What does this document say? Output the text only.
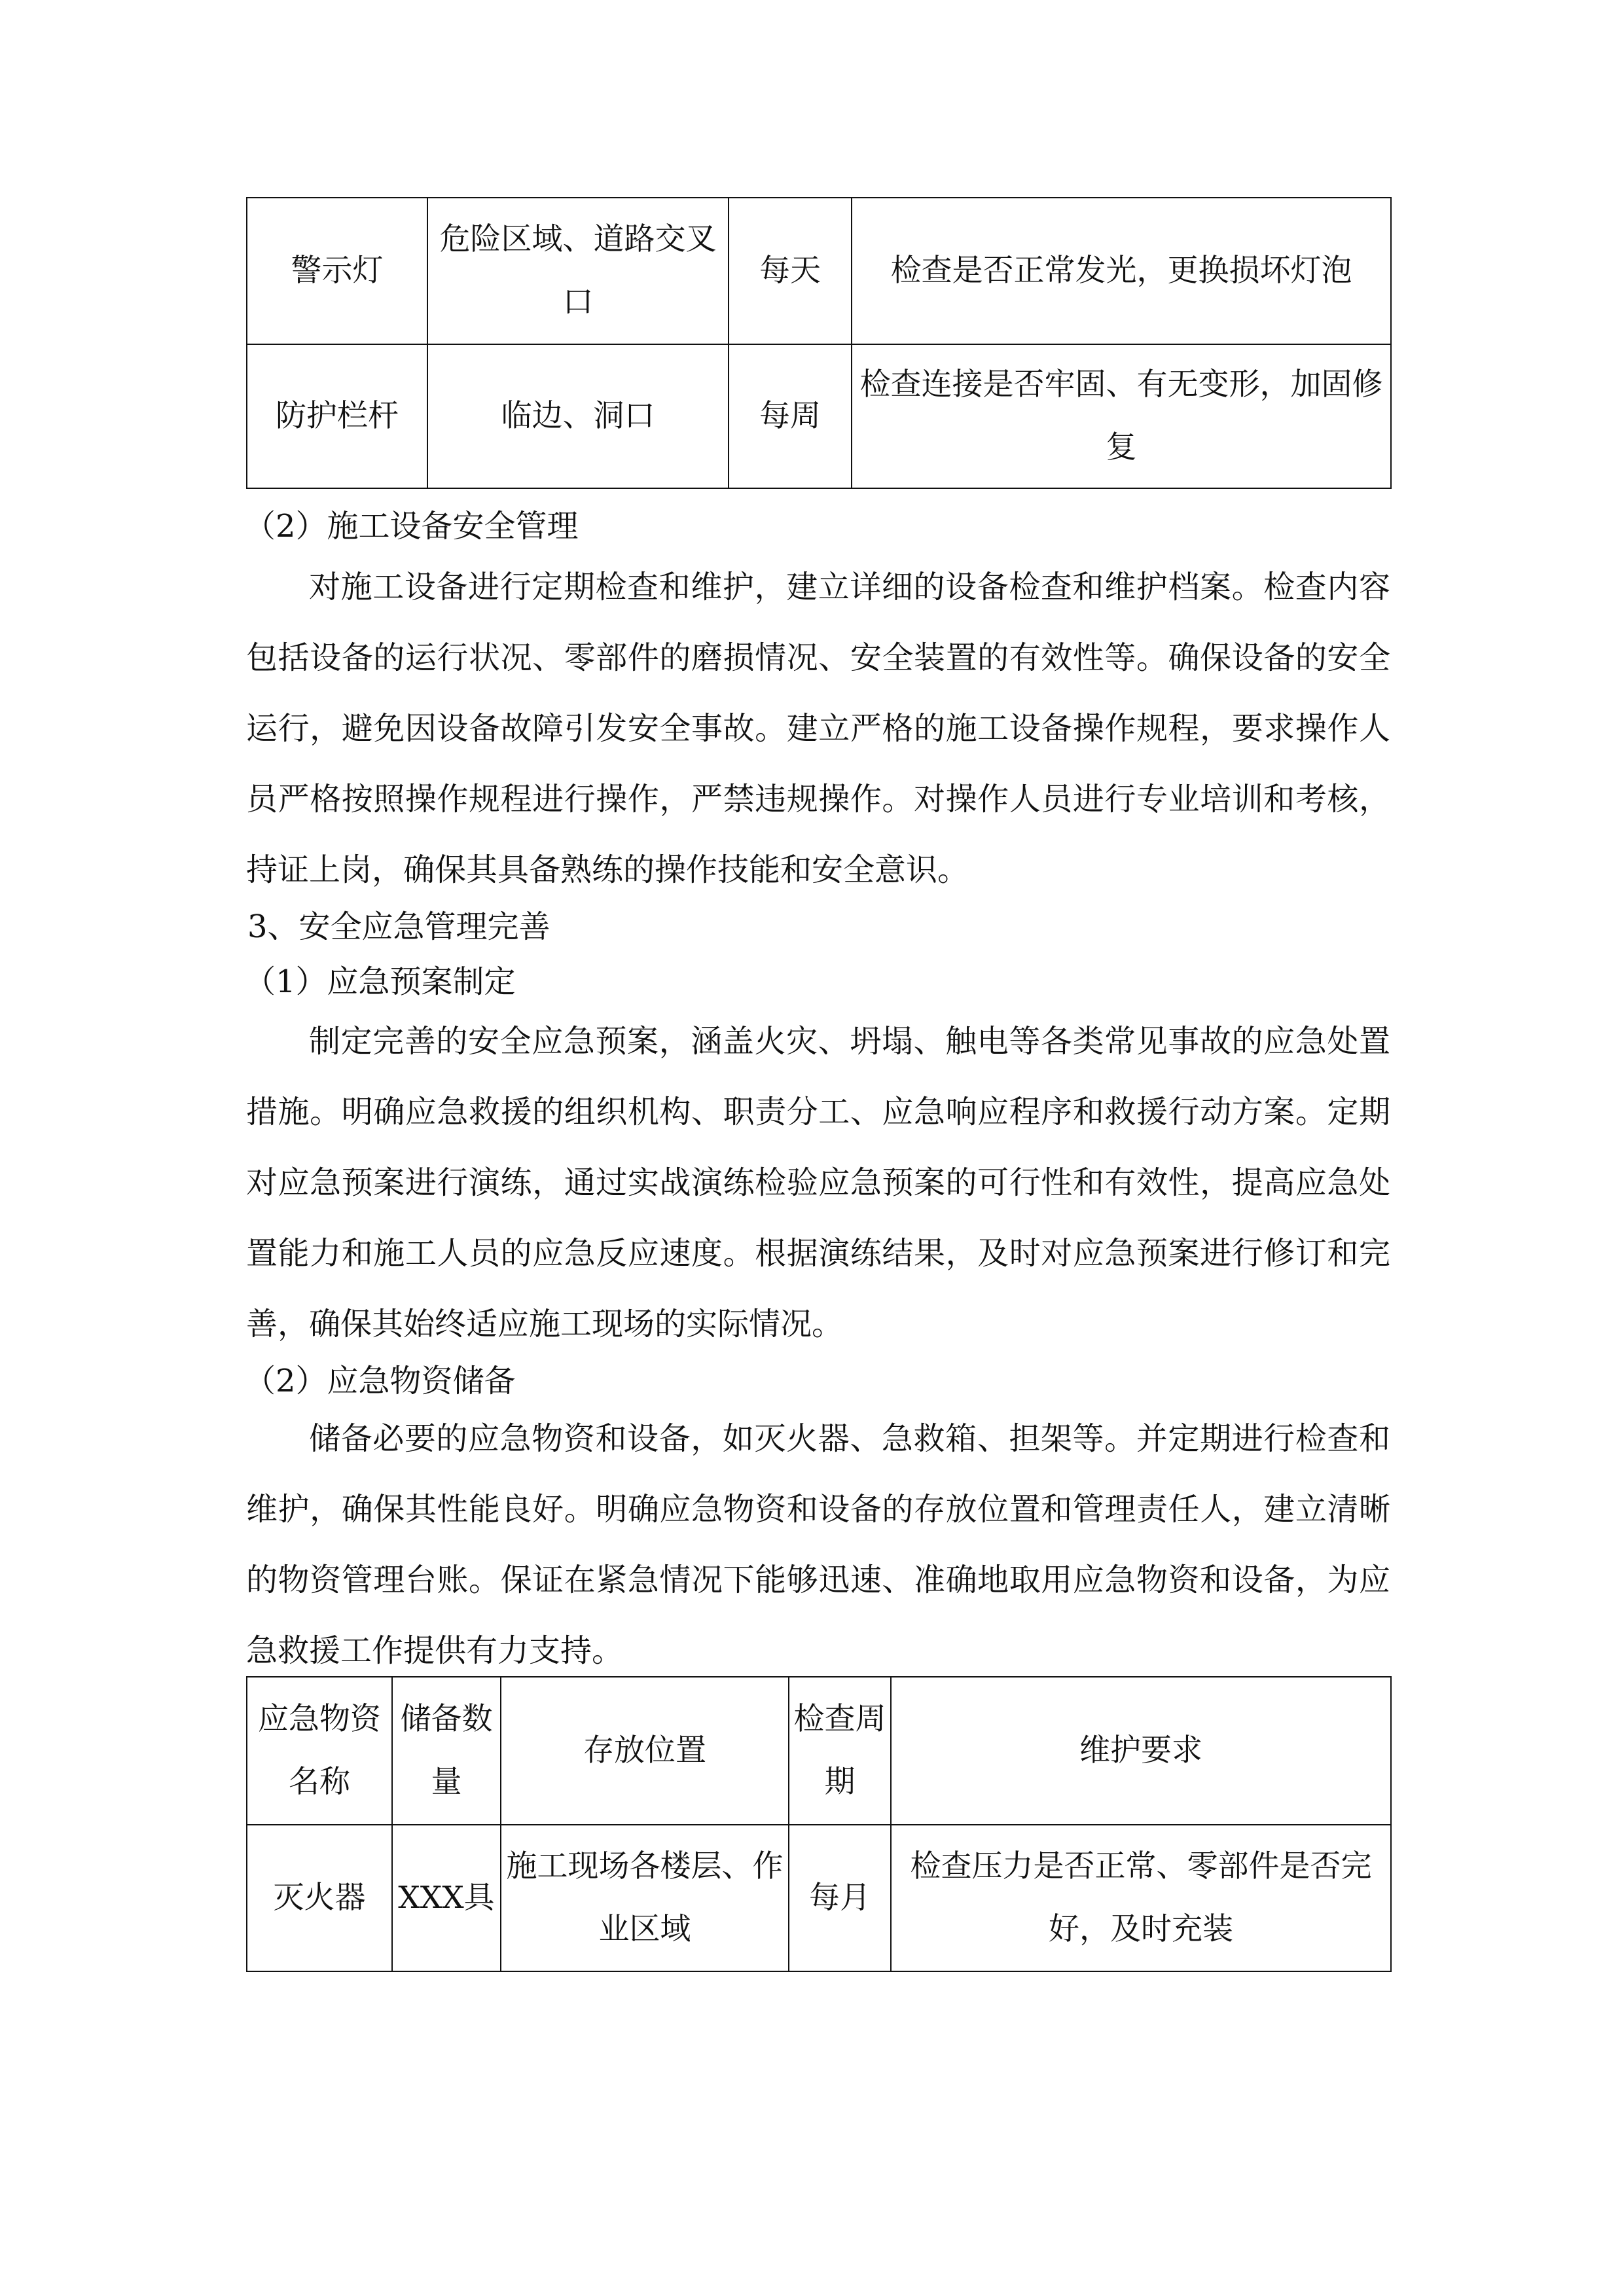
警示灯	危险区域、道路交叉口	每天	检查是否正常发光，更换损坏灯泡
防护栏杆	临边、洞口	每周	检查连接是否牢固、有无变形，加固修复
（2）施工设备安全管理

对施工设备进行定期检查和维护，建立详细的设备检查和维护档案。检查内容包括设备的运行状况、零部件的磨损情况、安全装置的有效性等。确保设备的安全运行，避免因设备故障引发安全事故。建立严格的施工设备操作规程，要求操作人员严格按照操作规程进行操作，严禁违规操作。对操作人员进行专业培训和考核，持证上岗，确保其具备熟练的操作技能和安全意识。

3、安全应急管理完善
（1）应急预案制定

制定完善的安全应急预案，涵盖火灾、坍塌、触电等各类常见事故的应急处置措施。明确应急救援的组织机构、职责分工、应急响应程序和救援行动方案。定期对应急预案进行演练，通过实战演练检验应急预案的可行性和有效性，提高应急处置能力和施工人员的应急反应速度。根据演练结果，及时对应急预案进行修订和完善，确保其始终适应施工现场的实际情况。

（2）应急物资储备

储备必要的应急物资和设备，如灭火器、急救箱、担架等。并定期进行检查和维护，确保其性能良好。明确应急物资和设备的存放位置和管理责任人，建立清晰的物资管理台账。保证在紧急情况下能够迅速、准确地取用应急物资和设备，为应急救援工作提供有力支持。

应急物资名称	储备数量	存放位置	检查周期	维护要求
灭火器	XXX具	施工现场各楼层、作业区域	每月	检查压力是否正常、零部件是否完好，及时充装
